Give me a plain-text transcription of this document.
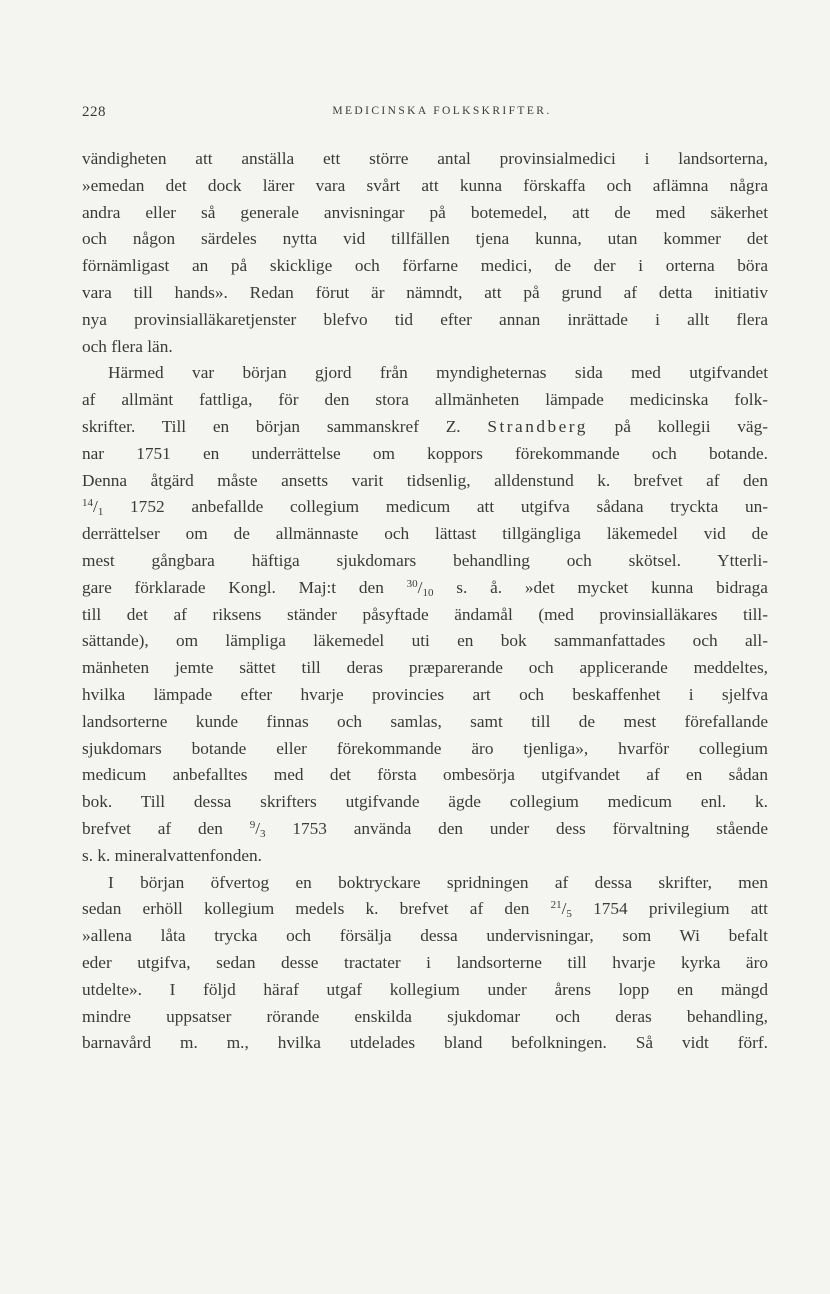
228	MEDICINSKA FOLKSKRIFTER.
vändigheten att anställa ett större antal provinsialmedici i landsorterna,
»emedan det dock lärer vara svårt att kunna förskaffa och aflämna några
andra eller så generale anvisningar på botemedel, att de med säkerhet
och någon särdeles nytta vid tillfällen tjena kunna, utan kommer det
förnämligast an på skicklige och förfarne medici, de der i orterna böra
vara till hands». Redan förut är nämndt, att på grund af detta initiativ
nya provinsialläkaretjenster blefvo tid efter annan inrättade i allt flera
och flera län.
Härmed var början gjord från myndigheternas sida med utgifvandet
af allmänt fattliga, för den stora allmänheten lämpade medicinska folk-
skrifter. Till en början sammanskref Z. Strandberg på kollegii väg-
nar 1751 en underrättelse om koppors förekommande och botande.
Denna åtgärd måste ansetts varit tidsenlig, alldenstund k. brefvet af den
$^{14}/_1$ 1752 anbefallde collegium medicum att utgifva sådana tryckta un-
derrättelser om de allmännaste och lättast tillgängliga läkemedel vid de
mest gångbara häftiga sjukdomars behandling och skötsel. Ytterli-
gare förklarade Kongl. Maj:t den $^{30}/_{10}$ s. å. »det mycket kunna bidraga
till det af riksens ständer påsyftade ändamål (med provinsialläkares till-
sättande), om lämpliga läkemedel uti en bok sammanfattades och all-
mänheten jemte sättet till deras præparerande och applicerande meddeltes,
hvilka lämpade efter hvarje provincies art och beskaffenhet i sjelfva
landsorterne kunde finnas och samlas, samt till de mest förefallande
sjukdomars botande eller förekommande äro tjenliga», hvarför collegium
medicum anbefalltes med det första ombesörja utgifvandet af en sådan
bok. Till dessa skrifters utgifvande ägde collegium medicum enl. k.
brefvet af den $^9/_3$ 1753 använda den under dess förvaltning stående
s. k. mineralvattenfonden.
I början öfvertog en boktryckare spridningen af dessa skrifter, men
sedan erhöll kollegium medels k. brefvet af den $^{21}/_5$ 1754 privilegium att
»allena låta trycka och försälja dessa undervisningar, som Wi befalt
eder utgifva, sedan desse tractater i landsorterne till hvarje kyrka äro
utdelte». I följd häraf utgaf kollegium under årens lopp en mängd
mindre uppsatser rörande enskilda sjukdomar och deras behandling,
barnavård m. m., hvilka utdelades bland befolkningen. Så vidt förf.
